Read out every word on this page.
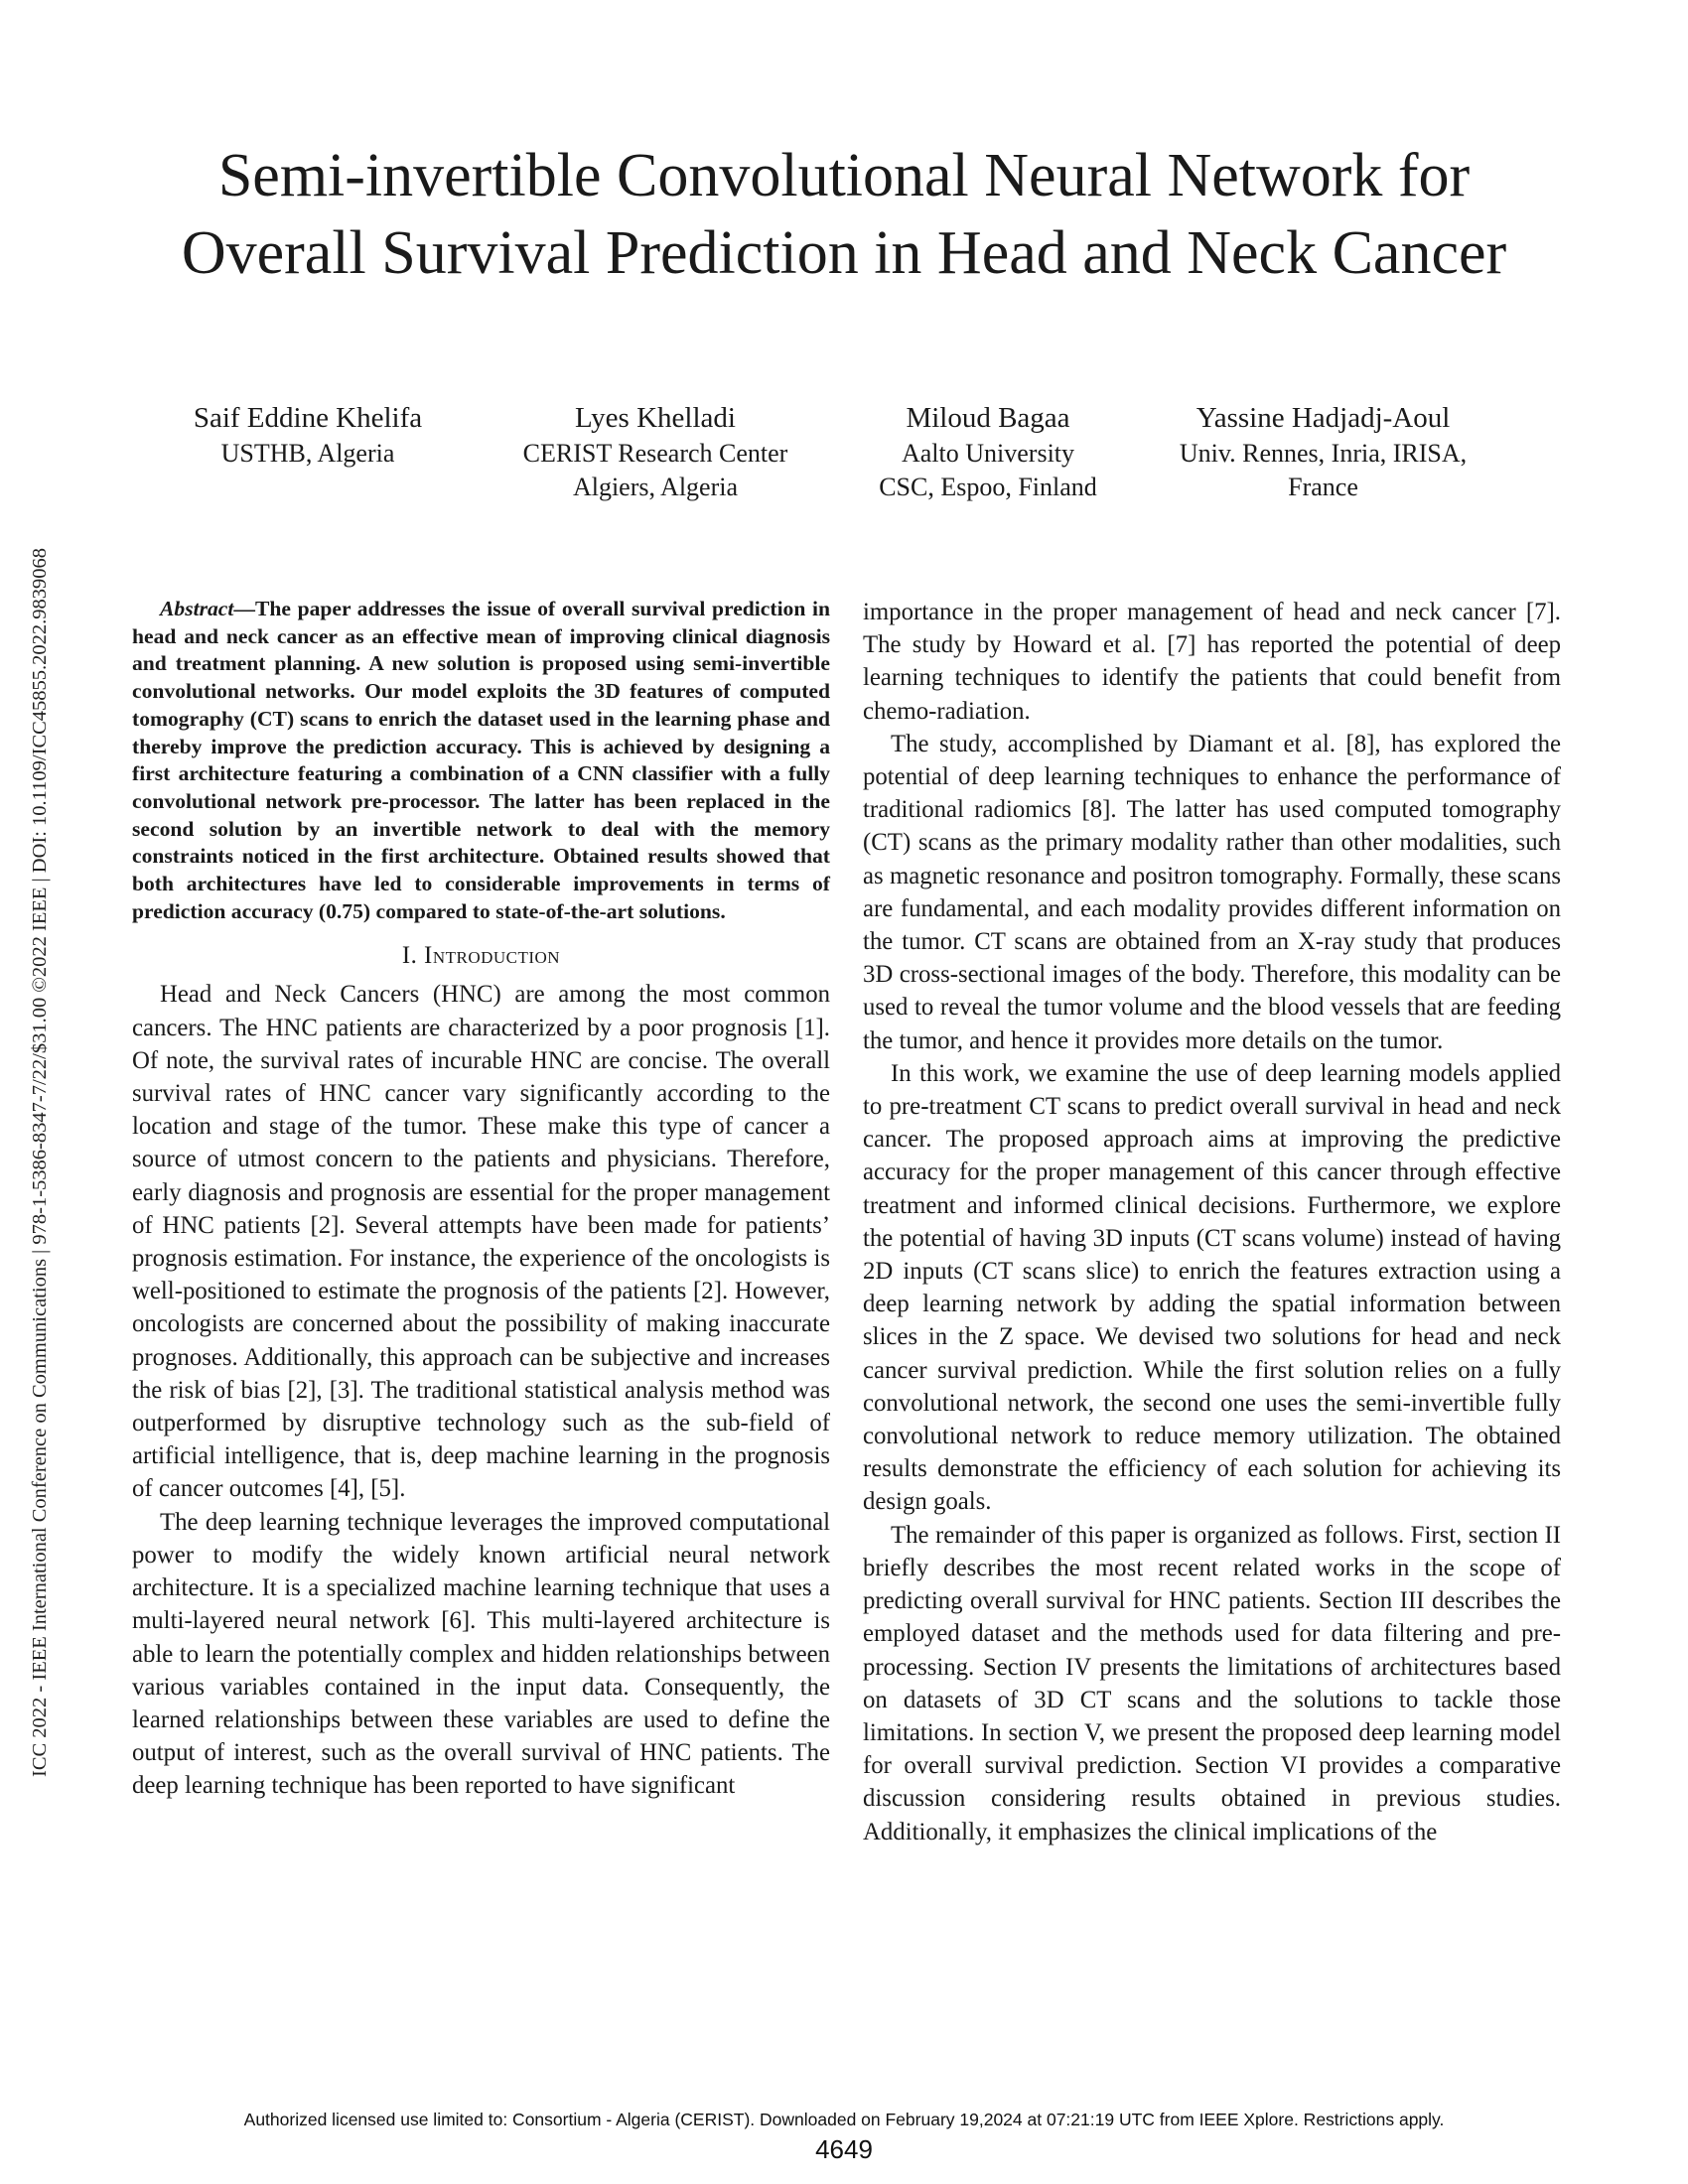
Semi-invertible Convolutional Neural Network for Overall Survival Prediction in Head and Neck Cancer
Saif Eddine Khelifa
USTHB, Algeria
Lyes Khelladi
CERIST Research Center
Algiers, Algeria
Miloud Bagaa
Aalto University
CSC, Espoo, Finland
Yassine Hadjadj-Aoul
Univ. Rennes, Inria, IRISA,
France
ICC 2022 - IEEE International Conference on Communications | 978-1-5386-8347-7/22/$31.00 ©2022 IEEE | DOI: 10.1109/ICC45855.2022.9839068	Abstract—The paper addresses the issue of overall survival prediction in head and neck cancer as an effective mean of improving clinical diagnosis and treatment planning. A new solution is proposed using semi-invertible convolutional networks. Our model exploits the 3D features of computed tomography (CT) scans to enrich the dataset used in the learning phase and thereby improve the prediction accuracy. This is achieved by designing a first architecture featuring a combination of a CNN classifier with a fully convolutional network pre-processor. The latter has been replaced in the second solution by an invertible network to deal with the memory constraints noticed in the first architecture. Obtained results showed that both architectures have led to considerable improvements in terms of prediction accuracy (0.75) compared to state-of-the-art solutions.

I. Introduction

Head and Neck Cancers (HNC) are among the most common cancers. The HNC patients are characterized by a poor prognosis [1]. Of note, the survival rates of incurable HNC are concise. The overall survival rates of HNC cancer vary significantly according to the location and stage of the tumor. These make this type of cancer a source of utmost concern to the patients and physicians. Therefore, early diagnosis and prognosis are essential for the proper management of HNC patients [2]. Several attempts have been made for patients’ prognosis estimation. For instance, the experience of the oncologists is well-positioned to estimate the prognosis of the patients [2]. However, oncologists are concerned about the possibility of making inaccurate prognoses. Additionally, this approach can be subjective and increases the risk of bias [2], [3]. The traditional statistical analysis method was outperformed by disruptive technology such as the sub-field of artificial intelligence, that is, deep machine learning in the prognosis of cancer outcomes [4], [5].

The deep learning technique leverages the improved computational power to modify the widely known artificial neural network architecture. It is a specialized machine learning technique that uses a multi-layered neural network [6]. This multi-layered architecture is able to learn the potentially complex and hidden relationships between various variables contained in the input data. Consequently, the learned relationships between these variables are used to define the output of interest, such as the overall survival of HNC patients. The deep learning technique has been reported to have significant

importance in the proper management of head and neck cancer [7]. The study by Howard et al. [7] has reported the potential of deep learning techniques to identify the patients that could benefit from chemo-radiation.

The study, accomplished by Diamant et al. [8], has explored the potential of deep learning techniques to enhance the performance of traditional radiomics [8]. The latter has used computed tomography (CT) scans as the primary modality rather than other modalities, such as magnetic resonance and positron tomography. Formally, these scans are fundamental, and each modality provides different information on the tumor. CT scans are obtained from an X-ray study that produces 3D cross-sectional images of the body. Therefore, this modality can be used to reveal the tumor volume and the blood vessels that are feeding the tumor, and hence it provides more details on the tumor.

In this work, we examine the use of deep learning models applied to pre-treatment CT scans to predict overall survival in head and neck cancer. The proposed approach aims at improving the predictive accuracy for the proper management of this cancer through effective treatment and informed clinical decisions. Furthermore, we explore the potential of having 3D inputs (CT scans volume) instead of having 2D inputs (CT scans slice) to enrich the features extraction using a deep learning network by adding the spatial information between slices in the Z space. We devised two solutions for head and neck cancer survival prediction. While the first solution relies on a fully convolutional network, the second one uses the semi-invertible fully convolutional network to reduce memory utilization. The obtained results demonstrate the efficiency of each solution for achieving its design goals.

The remainder of this paper is organized as follows. First, section II briefly describes the most recent related works in the scope of predicting overall survival for HNC patients. Section III describes the employed dataset and the methods used for data filtering and pre-processing. Section IV presents the limitations of architectures based on datasets of 3D CT scans and the solutions to tackle those limitations. In section V, we present the proposed deep learning model for overall survival prediction. Section VI provides a comparative discussion considering results obtained in previous studies. Additionally, it emphasizes the clinical implications of the

Authorized licensed use limited to: Consortium - Algeria (CERIST). Downloaded on February 19,2024 at 07:21:19 UTC from IEEE Xplore. Restrictions apply.
4649
